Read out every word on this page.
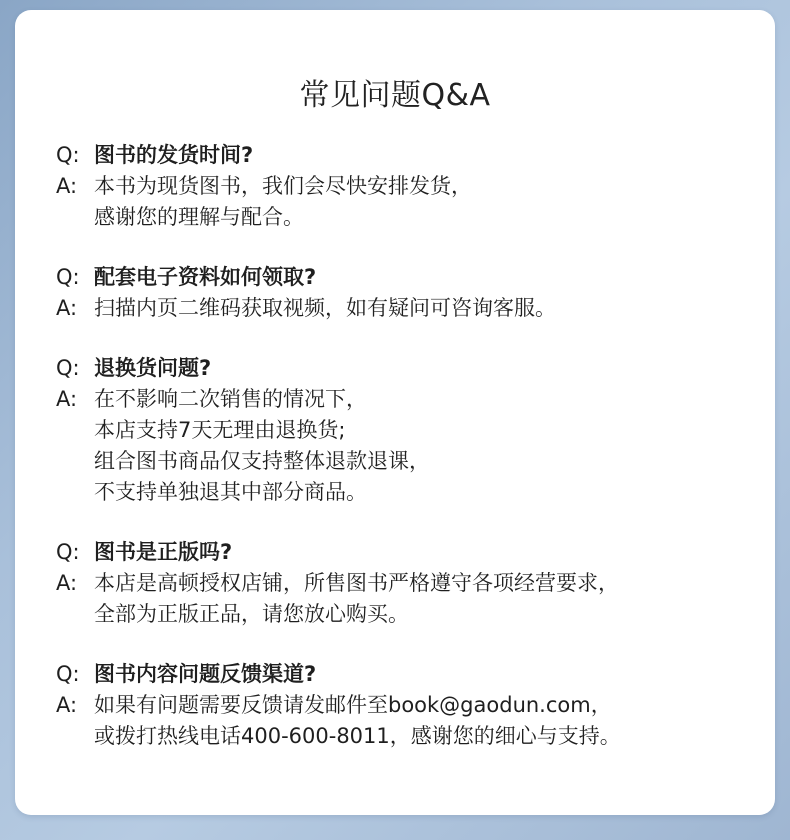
常见问题Q&A
Q: 图书的发货时间?
A: 本书为现货图书，我们会尽快安排发货，
感谢您的理解与配合。
Q: 配套电子资料如何领取?
A: 扫描内页二维码获取视频，如有疑问可咨询客服。
Q: 退换货问题?
A: 在不影响二次销售的情况下，
本店支持7天无理由退换货;
组合图书商品仅支持整体退款退课，
不支持单独退其中部分商品。
Q: 图书是正版吗?
A: 本店是高顿授权店铺，所售图书严格遵守各项经营要求，
全部为正版正品，请您放心购买。
Q: 图书内容问题反馈渠道?
A: 如果有问题需要反馈请发邮件至book@gaodun.com，
或拨打热线电话400-600-8011，感谢您的细心与支持。
